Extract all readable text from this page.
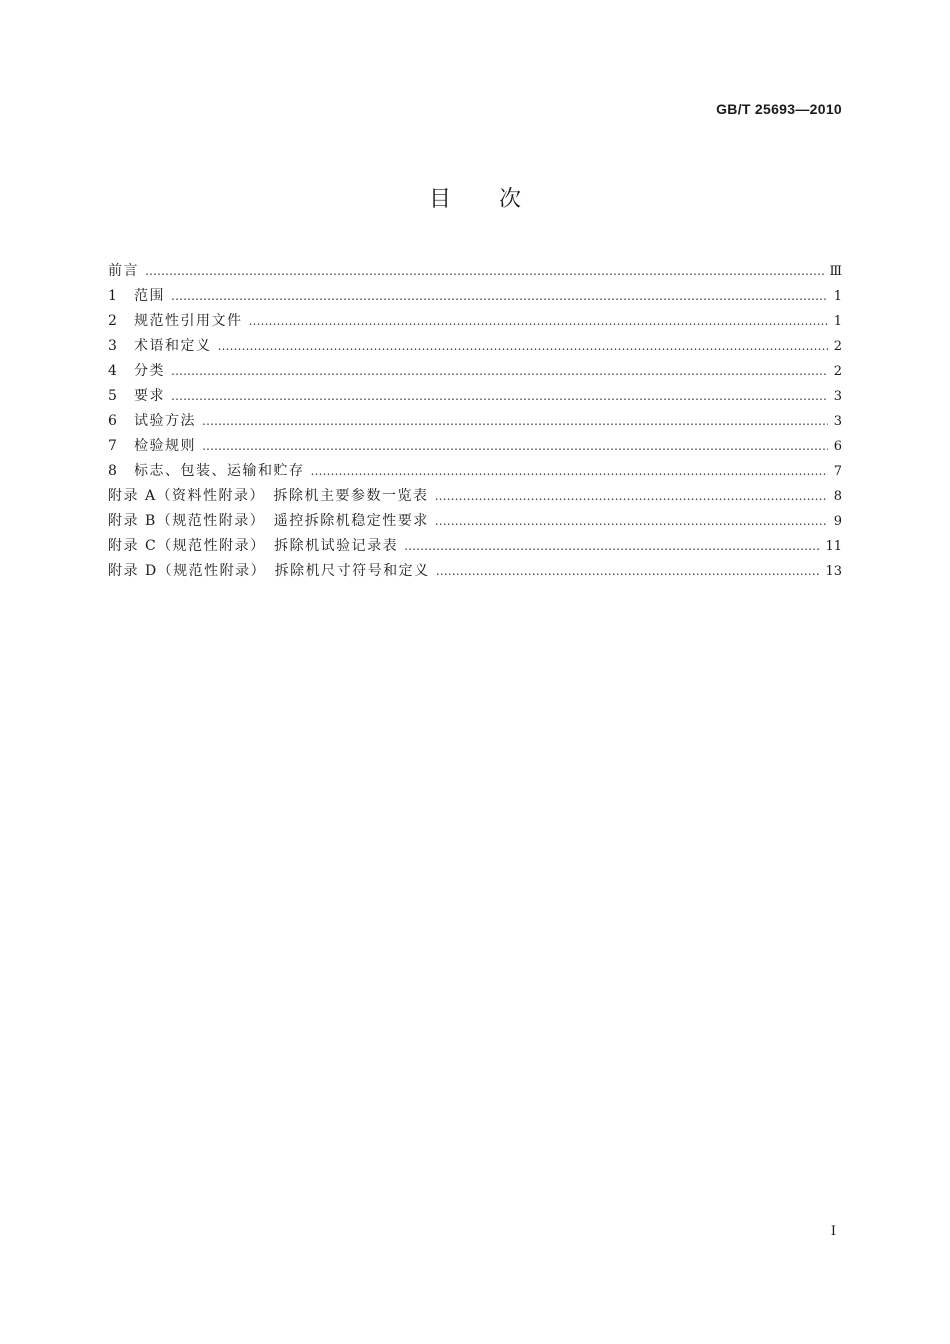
GB/T 25693—2010
目次
前言 …………………………………………………………………………………………………………………………………………………………………………………………………………	Ⅲ
1	范围 …………………………………………………………………………………………………………………………………………………………………………………………………………	1
2	规范性引用文件 …………………………………………………………………………………………………………………………………………………………………………………………………………	1
3	术语和定义 …………………………………………………………………………………………………………………………………………………………………………………………………………	2
4	分类 …………………………………………………………………………………………………………………………………………………………………………………………………………	2
5	要求 …………………………………………………………………………………………………………………………………………………………………………………………………………	3
6	试验方法 …………………………………………………………………………………………………………………………………………………………………………………………………………	3
7	检验规则 …………………………………………………………………………………………………………………………………………………………………………………………………………	6
8	标志、包装、运输和贮存 …………………………………………………………………………………………………………………………………………………………………………………………………………	7
附录 A（资料性附录）　拆除机主要参数一览表 …………………………………………………………………………………………………………………………………………………………………………………………………………	8
附录 B（规范性附录）　遥控拆除机稳定性要求 …………………………………………………………………………………………………………………………………………………………………………………………………………	9
附录 C（规范性附录）　拆除机试验记录表 …………………………………………………………………………………………………………………………………………………………………………………………………………	11
附录 D（规范性附录）　拆除机尺寸符号和定义 …………………………………………………………………………………………………………………………………………………………………………………………………………	13
I
